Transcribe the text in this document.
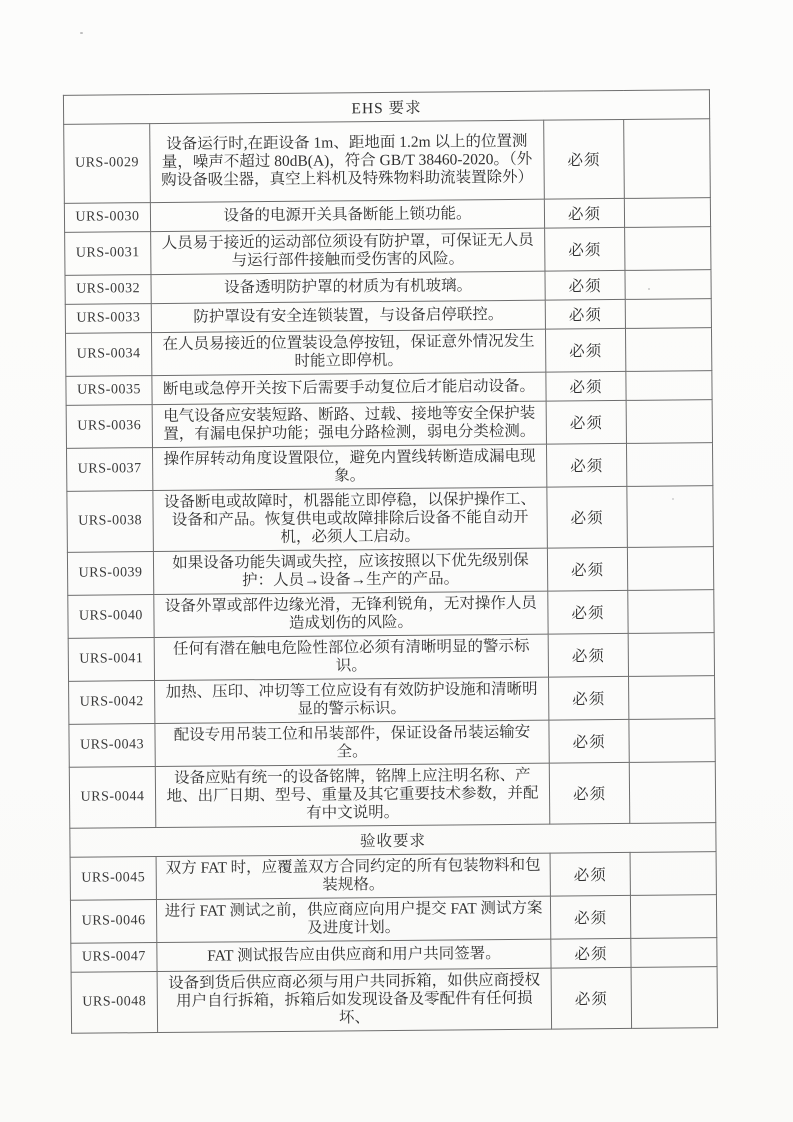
EHS 要求			
URS-0029	设备运行时,在距设备 1m、距地面 1.2m 以上的位置测量，噪声不超过 80dB(A)，符合 GB/T 38460-2020。（外购设备吸尘器，真空上料机及特殊物料助流装置除外）	必须	
URS-0030	设备的电源开关具备断能上锁功能。	必须	
URS-0031	人员易于接近的运动部位须设有防护罩，可保证无人员与运行部件接触而受伤害的风险。	必须	
URS-0032	设备透明防护罩的材质为有机玻璃。	必须	
URS-0033	防护罩设有安全连锁装置，与设备启停联控。	必须	
URS-0034	在人员易接近的位置装设急停按钮，保证意外情况发生时能立即停机。	必须	
URS-0035	断电或急停开关按下后需要手动复位后才能启动设备。	必须	
URS-0036	电气设备应安装短路、断路、过载、接地等安全保护装置，有漏电保护功能；强电分路检测，弱电分类检测。	必须	
URS-0037	操作屏转动角度设置限位，避免内置线转断造成漏电现象。	必须	
URS-0038	设备断电或故障时，机器能立即停稳，以保护操作工、设备和产品。恢复供电或故障排除后设备不能自动开机，必须人工启动。	必须	
URS-0039	如果设备功能失调或失控，应该按照以下优先级别保护：人员→设备→生产的产品。	必须	
URS-0040	设备外罩或部件边缘光滑，无锋利锐角，无对操作人员造成划伤的风险。	必须	
URS-0041	任何有潜在触电危险性部位必须有清晰明显的警示标识。	必须	
URS-0042	加热、压印、冲切等工位应设有有效防护设施和清晰明显的警示标识。	必须	
URS-0043	配设专用吊装工位和吊装部件，保证设备吊装运输安全。	必须	
URS-0044	设备应贴有统一的设备铭牌，铭牌上应注明名称、产地、出厂日期、型号、重量及其它重要技术参数，并配有中文说明。	必须	
验收要求			
URS-0045	双方 FAT 时，应覆盖双方合同约定的所有包装物料和包装规格。	必须	
URS-0046	进行 FAT 测试之前，供应商应向用户提交 FAT 测试方案及进度计划。	必须	
URS-0047	FAT 测试报告应由供应商和用户共同签署。	必须	
URS-0048	设备到货后供应商必须与用户共同拆箱，如供应商授权用户自行拆箱，拆箱后如发现设备及零配件有任何损坏、	必须	
